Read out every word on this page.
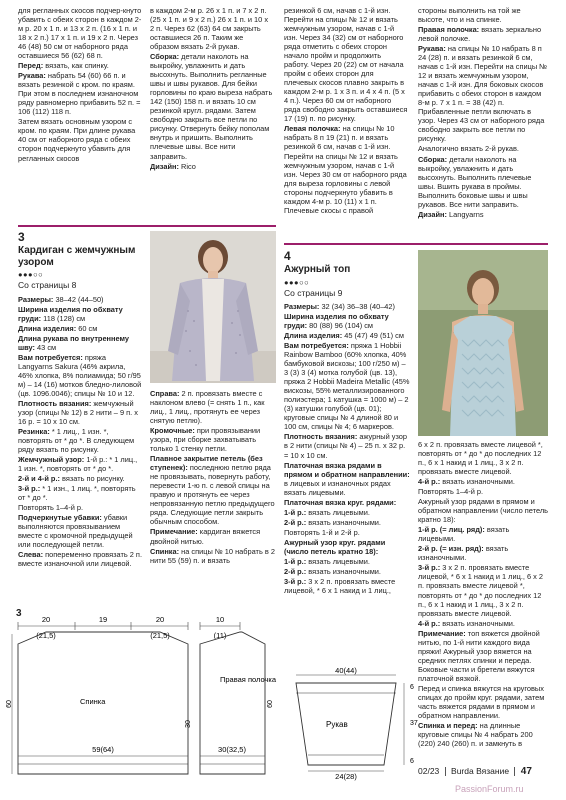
для регланных скосов подчер-кнуто убавить с обеих сторон в каждом 2-м р. 20 x 1 п. и 13 x 2 п. (16 x 1 п. и 18 x 2 п.) 17 x 1 п. и 19 x 2 п. Через 46 (48) 50 см от наборного ряда оставшиеся 56 (62) 68 п.

Перед: вязать, как спинку.

Рукава: набрать 54 (60) 66 п. и вязать резинкой с кром. по краям. При этом в последнем изнаночном ряду равномерно прибавить 52 п. = 106 (112) 118 п.

Затем вязать основным узором с кром. по краям. При длине рукава 40 см от наборного ряда с обеих сторон подчеркнуто убавить для регланных скосов

в каждом 2-м р. 26 x 1 п. и 7 x 2 п. (25 x 1 п. и 9 x 2 п.) 26 x 1 п. и 10 x 2 п. Через 62 (63) 64 см закрыть оставшиеся 26 п. Таким же образом вязать 2-й рукав.

Сборка: детали наколоть на выкройку, увлажнить и дать высохнуть. Выполнить регланные швы и швы рукавов. Для бейки горловины по краю выреза набрать 142 (150) 158 п. и вязать 10 см резинкой кругл. рядами. Затем свободно закрыть все петли по рисунку. Отвернуть бейку пополам внутрь и пришить. Выполнить плечевые швы. Все нити заправить.

Дизайн: Rico

резинкой 6 см, начав с 1-й изн. Перейти на спицы № 12 и вязать жемчужным узором, начав с 1-й изн. Через 34 (32) см от наборного ряда отметить с обеих сторон начало пройм и продолжить работу. Через 20 (22) см от начала пройм с обеих сторон для плечевых скосов плавно закрыть в каждом 2-м р. 1 x 3 п. и 4 x 4 п. (5 x 4 п.). Через 60 см от наборного ряда свободно закрыть оставшиеся 17 (19) п. по рисунку.

Левая полочка: на спицы № 10 набрать 8 п 19 (21) п. и вязать резинкой 6 см, начав с 1-й изн. Перейти на спицы № 12 и вязать жемчужным узором, начав с 1-й изн. Через 30 см от наборного ряда для выреза горловины с левой стороны подчеркнуто убавить в каждом 4-м р. 10 (11) x 1 п. Плечевые скосы с правой

стороны выполнить на той же высоте, что и на спинке.

Правая полочка: вязать зеркально левой полочке.

Рукава: на спицы № 10 набрать 8 п 24 (28) п. и вязать резинкой 6 см, начав с 1-й изн. Перейти на спицы № 12 и вязать жемчужным узором, начав с 1-й изн. Для боковых скосов прибавить с обеих сторон в каждом 8-м р. 7 x 1 п. = 38 (42) п. Прибавленные петли включать в узор. Через 43 см от наборного ряда свободно закрыть все петли по рисунку.

Аналогично вязать 2-й рукав.

Сборка: детали наколоть на выкройку, увлажнить и дать высохнуть. Выполнить плечевые швы. Вшить рукава в проймы. Выполнить боковые швы и швы рукавов. Все нити заправить.

Дизайн: Langyarns

3
Кардиган с жемчужным узором
●●●○○
Со страницы 8

Размеры: 38–42 (44–50)

Ширина изделия по обхвату груди: 118 (128) см

Длина изделия: 60 см

Длина рукава по внутреннему шву: 43 см

Вам потребуется: пряжа Langyarns Sakura (46% акрила, 46% хлопка, 8% полиамида; 50 г/95 м) – 14 (16) мотков бледно-лиловой (цв. 1096.0046); спицы № 10 и 12.

Плотность вязания: жемчужный узор (спицы № 12) в 2 нити – 9 п. x 16 р. = 10 x 10 см.

Резинка: * 1 лиц., 1 изн. *, повторять от * до *. В следующем ряду вязать по рисунку.

Жемчужный узор: 1-й р.: * 1 лиц., 1 изн. *, повторять от * до *.

2-й и 4-й р.: вязать по рисунку.

3-й р.: * 1 изн., 1 лиц. *, повторять от * до *.

Повторять 1–4-й р.

Подчеркнутые убавки: убавки выполняются провязыванием вместе с кромочной предыдущей или последующей петли.

Слева: попеременно провязать 2 п. вместе изнаночной или лицевой.

Справа: 2 п. провязать вместе с наклоном влево (= снять 1 п., как лиц., 1 лиц., протянуть ее через снятую петлю).

Кромочные: при провязывании узора, при сборке захватывать только 1 стенку петли.

Плавное закрытие петель (без ступенек): последнюю петлю ряда не провязывать, повернуть работу, перевести 1-ю п. с левой спицы на правую и протянуть ее через непровязанную петлю предыдущего ряда. Следующие петли закрыть обычным способом.

Примечание: кардиган вяжется двойной нитью.

Спинка: на спицы № 10 набрать в 2 нити 55 (59) п. и вязать

4
Ажурный топ
●●●○○
Со страницы 9

Размеры: 32 (34) 36–38 (40–42)

Ширина изделия по обхвату груди: 80 (88) 96 (104) см

Длина изделия: 45 (47) 49 (51) см

Вам потребуется: пряжа 1 Hobbii Rainbow Bamboo (60% хлопка, 40% бамбуковой вискозы; 100 г/250 м) – 3 (3) 3 (4) мотка голубой (цв. 13), пряжа 2 Hobbii Madeira Metallic (45% вискозы, 55% металлизированного полиэстера; 1 катушка = 1000 м) – 2 (3) катушки голубой (цв. 01); круговые спицы № 4 длиной 80 и 100 см, спицы № 4; 6 маркеров.

Плотность вязания: ажурный узор в 2 нити (спицы № 4) – 25 п. x 32 р. = 10 x 10 см.

Платочная вязка рядами в прямом и обратном направлении: в лицевых и изнаночных рядах вязать лицевыми.

Платочная вязка круг. рядами:

1-й р.: вязать лицевыми.

2-й р.: вязать изнаночными.

Повторять 1-й и 2-й р.

Ажурный узор круг. рядами (число петель кратно 18):

1-й р.: вязать лицевыми.

2-й р.: вязать изнаночными.

3-й р.: 3 x 2 п. провязать вместе лицевой, * 6 x 1 накид и 1 лиц.,

6 x 2 п. провязать вместе лицевой *, повторять от * до * до последних 12 п., 6 x 1 накид и 1 лиц., 3 x 2 п. провязать вместе лицевой.

4-й р.: вязать изнаночными.

Повторять 1–4-й р.

Ажурный узор рядами в прямом и обратном направлении (число петель кратно 18):

1-й р. (= лиц. ряд): вязать лицевыми.

2-й р. (= изн. ряд): вязать изнаночными.

3-й р.: 3 x 2 п. провязать вместе лицевой, * 6 x 1 накид и 1 лиц., 6 x 2 п. провязать вместе лицевой *, повторять от * до * до последних 12 п., 6 x 1 накид и 1 лиц., 3 x 2 п. провязать вместе лицевой.

4-й р.: вязать изнаночными.

Примечание: топ вяжется двойной нитью, по 1-й нити каждого вида пряжи! Ажурный узор вяжется на средних петлях спинки и переда. Боковые части и бретели вяжутся платочной вязкой.

Перед и спинка вяжутся на круговых спицах до пройм круг. рядами, затем часть вяжется рядами в прямом и обратном направлении.

Спинка и перед: на длинные круговые спицы № 4 набрать 200 (220) 240 (260) п. и замкнуть в

3
20	19	20	10
(21,5)	(21,5)	(11)
Спинка
59(64)
60
Правая полочка
30(32,5)
60
30
40(44)
Рукав
24(28)
6
37
6
02/23 Burda Вязание 47
PassionForum.ru
